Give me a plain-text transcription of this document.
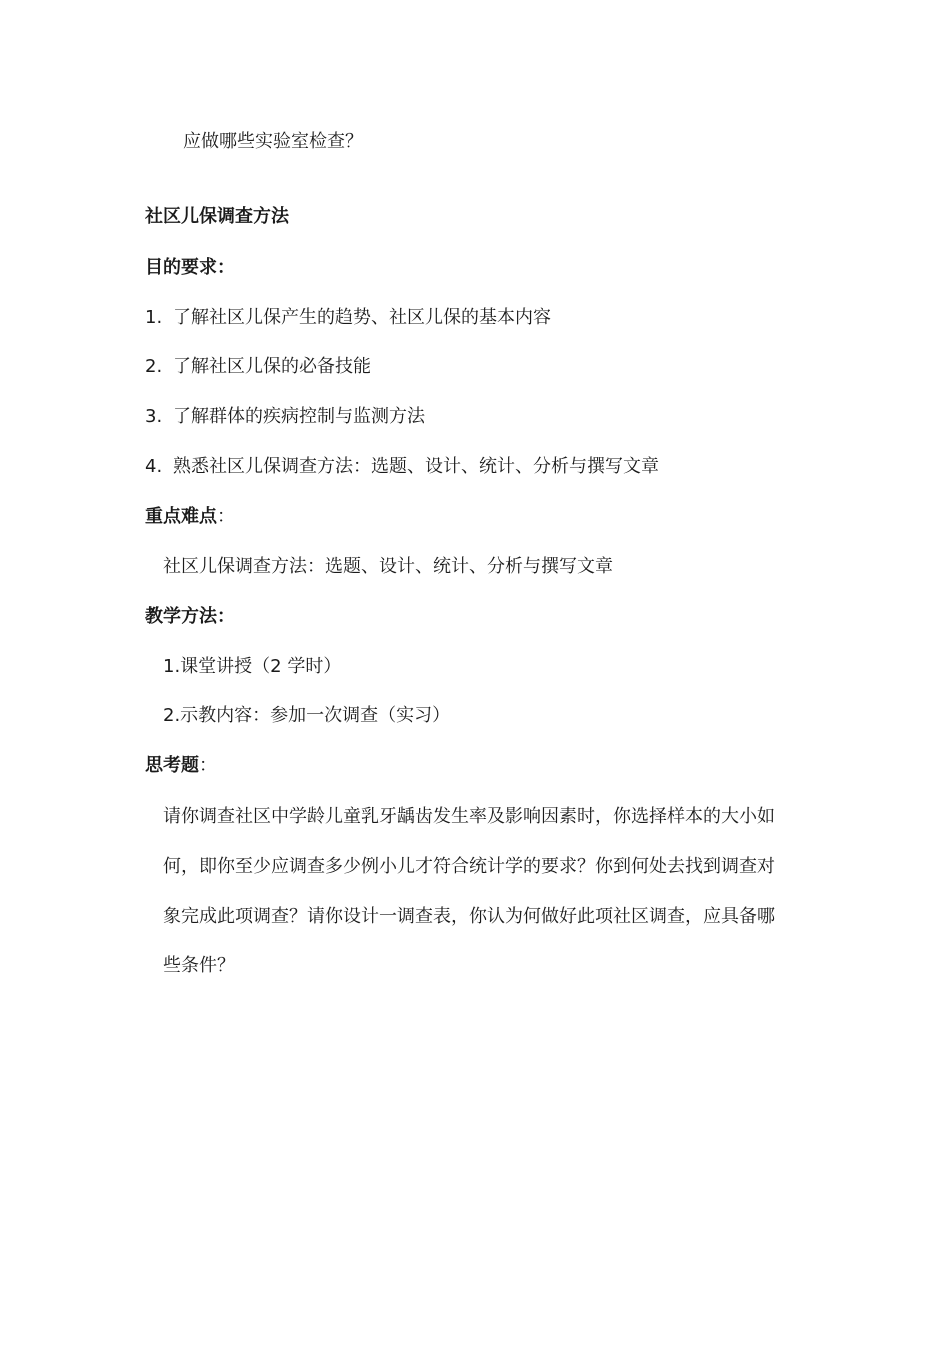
应做哪些实验室检查？
社区儿保调查方法
目的要求：
1. 了解社区儿保产生的趋势、社区儿保的基本内容
2. 了解社区儿保的必备技能
3. 了解群体的疾病控制与监测方法
4. 熟悉社区儿保调查方法：选题、设计、统计、分析与撰写文章
重点难点：
社区儿保调查方法：选题、设计、统计、分析与撰写文章
教学方法：
1.课堂讲授（2 学时）
2.示教内容：参加一次调查（实习）
思考题：
请你调查社区中学龄儿童乳牙龋齿发生率及影响因素时，你选择样本的大小如
何，即你至少应调查多少例小儿才符合统计学的要求？你到何处去找到调查对
象完成此项调查？请你设计一调查表，你认为何做好此项社区调查，应具备哪
些条件？
